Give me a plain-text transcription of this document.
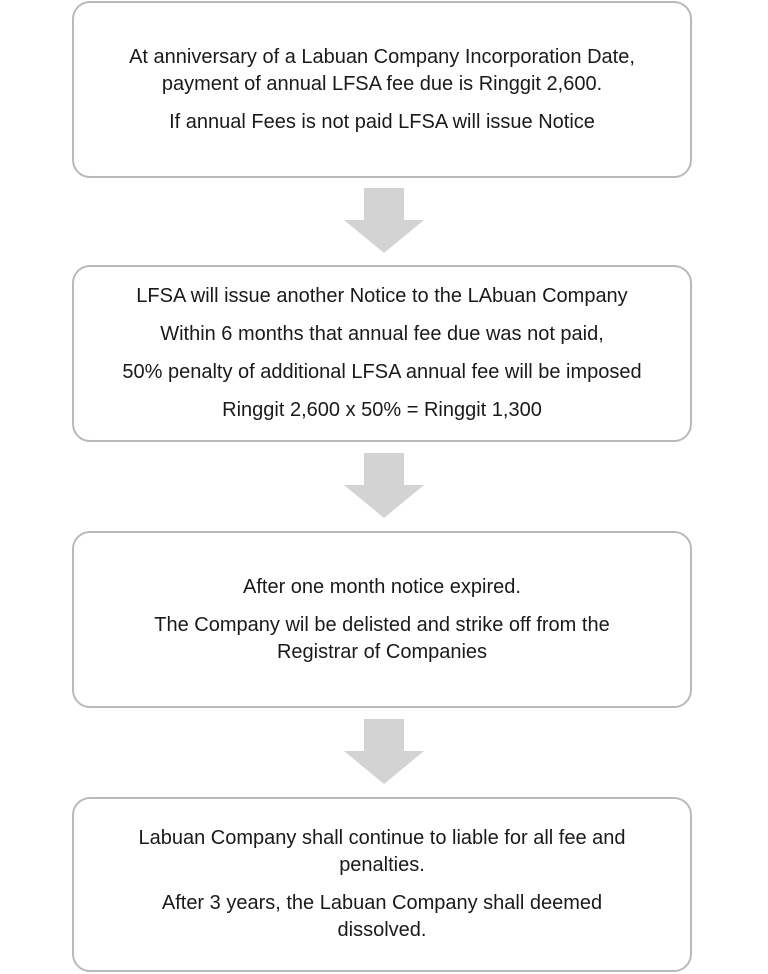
At anniversary of a Labuan Company Incorporation Date, payment of annual LFSA fee due is Ringgit 2,600.

If annual Fees is not paid LFSA will issue Notice

LFSA will issue another Notice to the LAbuan Company

Within 6 months that annual fee due was not paid,

50% penalty of additional LFSA annual fee will be imposed

Ringgit 2,600 x 50% = Ringgit 1,300

After one month notice expired.

The Company wil be delisted and strike off from the Registrar of Companies

Labuan Company shall continue to liable for all fee and penalties.

After 3 years, the Labuan Company shall deemed dissolved.
